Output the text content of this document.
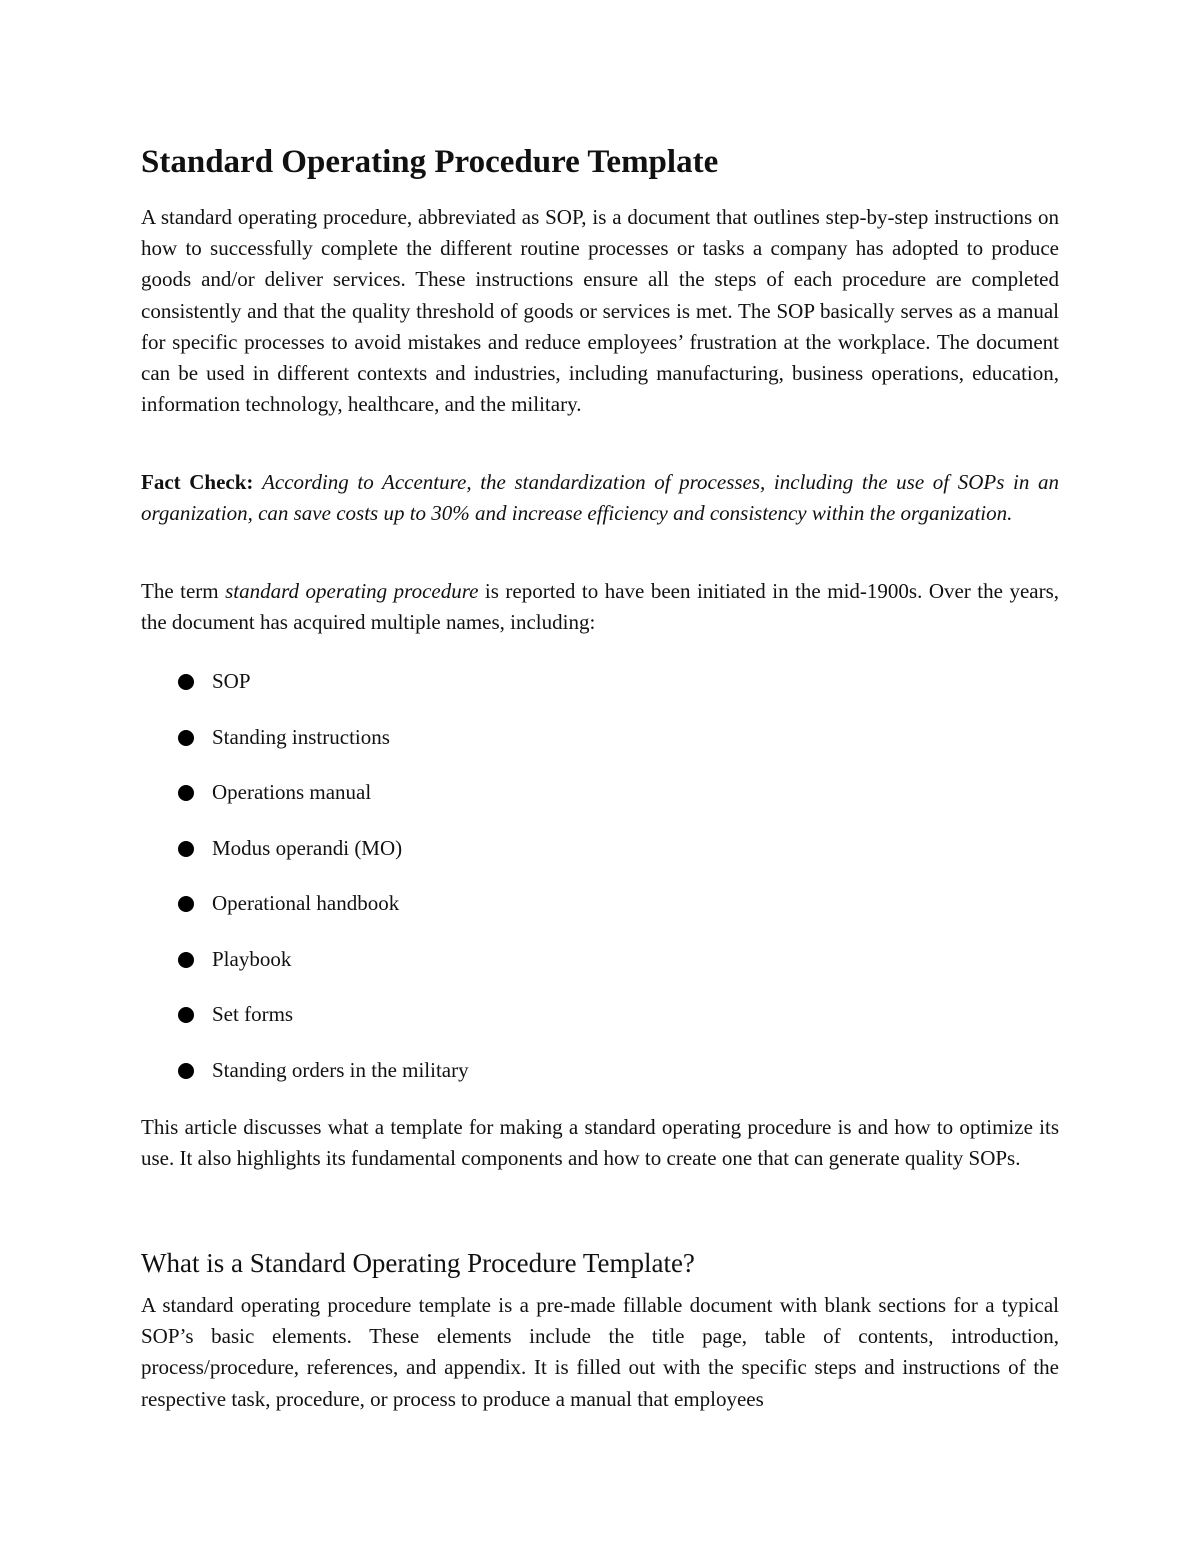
Standard Operating Procedure Template

A standard operating procedure, abbreviated as SOP, is a document that outlines step-by-step instructions on how to successfully complete the different routine processes or tasks a company has adopted to produce goods and/or deliver services. These instructions ensure all the steps of each procedure are completed consistently and that the quality threshold of goods or services is met. The SOP basically serves as a manual for specific processes to avoid mistakes and reduce employees’ frustration at the workplace. The document can be used in different contexts and industries, including manufacturing, business operations, education, information technology, healthcare, and the military.

Fact Check: According to Accenture, the standardization of processes, including the use of SOPs in an organization, can save costs up to 30% and increase efficiency and consistency within the organization.

The term standard operating procedure is reported to have been initiated in the mid-1900s. Over the years, the document has acquired multiple names, including:

SOP
Standing instructions
Operations manual
Modus operandi (MO)
Operational handbook
Playbook
Set forms
Standing orders in the military

This article discusses what a template for making a standard operating procedure is and how to optimize its use. It also highlights its fundamental components and how to create one that can generate quality SOPs.

What is a Standard Operating Procedure Template?

A standard operating procedure template is a pre-made fillable document with blank sections for a typical SOP’s basic elements. These elements include the title page, table of contents, introduction, process/procedure, references, and appendix. It is filled out with the specific steps and instructions of the respective task, procedure, or process to produce a manual that employees
